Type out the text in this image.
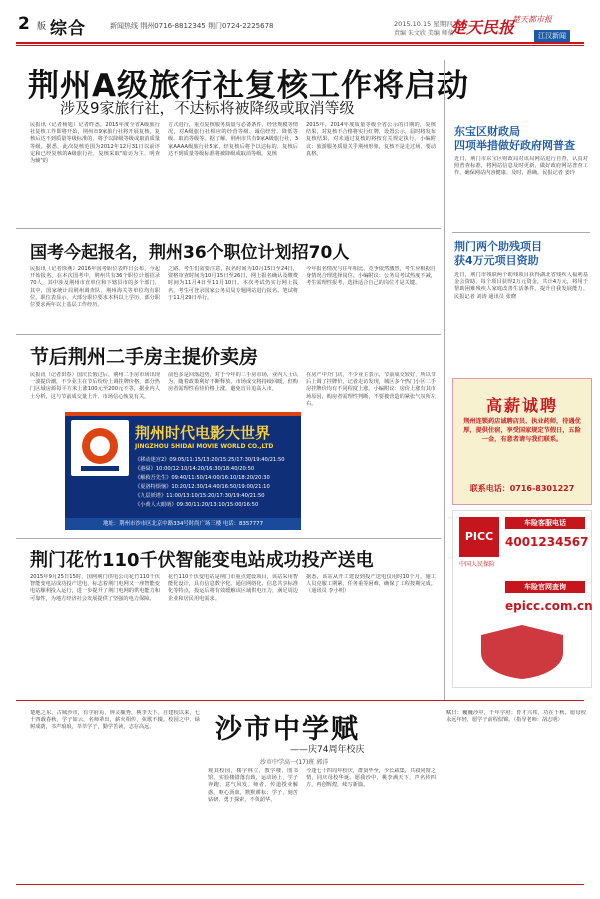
2 版 综合	新闻热线 荆州0716-8812345 荆门0724-2225678	2015.10.15 星期四
责编 朱文欣 美编 师倩
楚天民报
楚天都市报
江汉新闻
荆州A级旅行社复核工作将启动
涉及9家旅行社，不达标将被降级或取消等级
民报讯（记者杨旭）记者昨悉，2015年度全省A级旅行社复核工作即将开始，荆州市9家旅行社将开展复核，复核后达不到质量等级标准的，将予以降级等级或取消质量等级。据悉，此次复核范围为2012年12月31日以前评定和已经复核的A级旅行社，复核采取"暗访为主、明查为辅"的
方式进行，重点复核服务质量与必备条件、经营规模等情况，对A级旅行社相应的经营等级、诚信经营、降低等级、取消等级等。据了解，荆州市共有9家A级旅行社，3家AAAA级旅行社5家、经复核后将予以达标的，复核后达不到质量等级标准将被降级或取消等级。复核
2015年，2014年度质量等级全省公示的日期的，复核结果，对复核不合格将实行红牌，设置公示，届时将发布复核结果，对未通过复核的将按有关规定执行。小编附议：旅游服务质量关乎荆州形象，复核不是走过场，要动真格。
国考今起报名，荆州36个职位计划招70人
民报讯（记者徐燕）2016年国考职位表昨日公布，今起开始报名。在本次国考中，荆州共有36个职位计划招录70人，其中涉及荆州市直单位和下辖县市的多个部门，其中，国家统计局荆州调查队、荆州海关等单位均有职位，职位表显示，大部分职位要求本科以上学历，部分职位要求两年以上基层工作经历。
之路。考生们需要注意，报名时间为10月15日至24日，资格审查时间为10月15日至26日，网上报名确认及缴费时间为11月4日至11月10日。本次考试仍实行网上报名，考生可登录国家公务员局专题网站进行报名。笔试将于11月29日举行。
今年报名情况与往年相比，竞争依然激烈，考生应根据自身情况合理选择岗位。小编附议：公务员考试热度不减，考生需理性报考，选择适合自己的岗位才是关键。
东宝区财政局
四项举措做好政府网普查
近日，荆门市东宝区财政局对该局网站进行自查，认真对照普查标准，将网站信息及时更新，做好政府网站普查工作，确保网站内容健康、及时、准确。民报记者 姜玲
荆门两个助残项目
获4万元项目资助
近日，荆门市残联两个助残项目获得湖北省残疾人福利基金会资助，每个项目获得2万元资金，共计4万元，将用于帮助困难残疾人家庭改善生活条件，提升自我发展能力。民报记者 刘涛 通讯员 张晓
高薪诚聘
荆州连锁药店诚聘店员、执业药师，待遇优厚，提供住宿，享受国家规定节假日，五险一金，有意者请与我们联系。
联系电话：0716-8301227
节后荆州二手房主提价卖房
民报讯（记者田春）国庆长假过后，荆州二手房市场出现一波提价潮，不少业主在节后纷纷上调挂牌价格，部分热门区域房源每平方米上涨100元至200元不等，据业内人士分析，这与节前成交量上升、市场信心恢复有关。
前也多是回落趋势，对于今年的二手房市场，业内人士认为，随着政策利好不断释放，市场成交将持续回暖，但购房者需理性看待价格上涨，避免盲目追高入市。
在房产中介门店，不少业主表示，节前成交较好，所以节后上调了挂牌价，记者走访发现，城区多个热门小区二手房挂牌价均有不同程度上涨。小编附议：房价上涨有其市场原因，购房者需理性判断，不要被营造的紧张气氛所左右。
荆州时代电影大世界
JINGZHOU SHIDAI MOVIE WORLD CO.,LTD
《移动迷宫2》09:05/11:15/13:20/15:25/17:30/19:40/21:50
《港囧》10:00/12:10/14:20/16:30/18:40/20:50
《解救吾先生》09:40/11:50/14:00/16:10/18:20/20:30
《夏洛特烦恼》10:20/12:30/14:40/16:50/19:00/21:10
《九层妖塔》11:00/13:10/15:20/17:30/19:40/21:50
《小黄人大眼萌》09:30/11:20/13:10/15:00/16:50
地址：荆州市沙市区北京中路334号时尚广场三楼 电话：8357777
荆门花竹110千伏智能变电站成功投产送电
2015年9月25日15时，国网荆门供电公司花竹110千伏智能变电站成功投产送电，标志着荆门电网又一座智能变电站顺利投入运行，进一步提升了荆门电网的供电能力和可靠性，为地方经济社会发展提供了坚强的电力保障。
花竹110千伏变电站是荆门市重点建设项目，该站采用智能化设计，具有信息数字化、通信网络化、信息共享标准化等特点，投运后将有效缓解该区域供电压力，满足周边企业和居民用电需求。
据悉，该站从开工建设到投产送电仅用时10个月，施工人员克服工期紧、任务重等困难，确保了工程按期完成。（通讯员 李小明）
PICC
中国人民保险
车险客服电话
4001234567
车险官网查询
epicc.com.cn
沙市中学赋
——庆74周年校庆
沙市中学高一(17)班 郭洋
楚地之东，古城沙市，有学府焉，钟灵毓秀，桃李天下。自建校以来，七十四载春秋，学子如云，名师辈出，薪火相传，弦歌不辍。校园之中，绿树成荫，书声琅琅，莘莘学子，勤学苦读，志存高远。
观其校园，楼宇林立，教学楼、图书馆、实验楼错落有致，运动场上，学子奔跑，意气风发。师者，传道授业解惑，呕心沥血，默默耕耘；学子，刻苦钻研，勇于探索，不负韶华。
今逢七十四周年校庆，群贤毕至，少长咸集，共叙同窗之情，同庆母校华诞。愿我沙中，桃李满天下，声名传四方，再创辉煌，续写新篇。
赋曰：巍巍沙中，千年学府；育才兴邦，功在千秋。愿母校永远年轻，愿学子前程似锦。（指导老师：胡志明）
